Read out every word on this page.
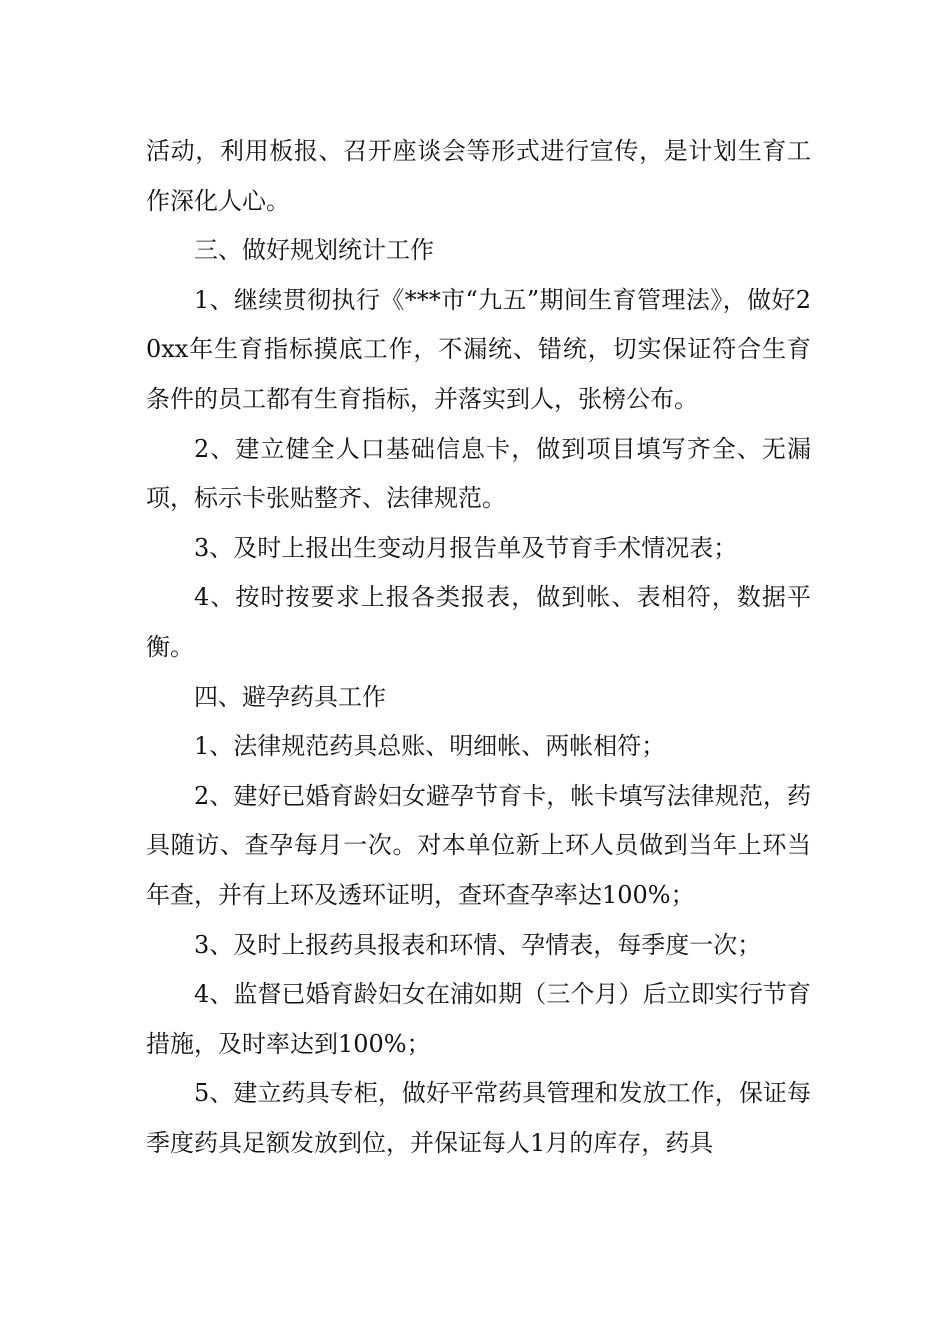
活动，利用板报、召开座谈会等形式进行宣传，是计划生育工作深化人心。

三、做好规划统计工作

1、继续贯彻执行《***市“九五”期间生育管理法》，做好20xx年生育指标摸底工作，不漏统、错统，切实保证符合生育条件的员工都有生育指标，并落实到人，张榜公布。

2、建立健全人口基础信息卡，做到项目填写齐全、无漏项，标示卡张贴整齐、法律规范。

3、及时上报出生变动月报告单及节育手术情况表；

4、按时按要求上报各类报表，做到帐、表相符，数据平衡。

四、避孕药具工作

1、法律规范药具总账、明细帐、两帐相符；

2、建好已婚育龄妇女避孕节育卡，帐卡填写法律规范，药具随访、查孕每月一次。对本单位新上环人员做到当年上环当年查，并有上环及透环证明，查环查孕率达100%；

3、及时上报药具报表和环情、孕情表，每季度一次；

4、监督已婚育龄妇女在浦如期（三个月）后立即实行节育措施，及时率达到100%；

5、建立药具专柜，做好平常药具管理和发放工作，保证每季度药具足额发放到位，并保证每人1月的库存，药具
